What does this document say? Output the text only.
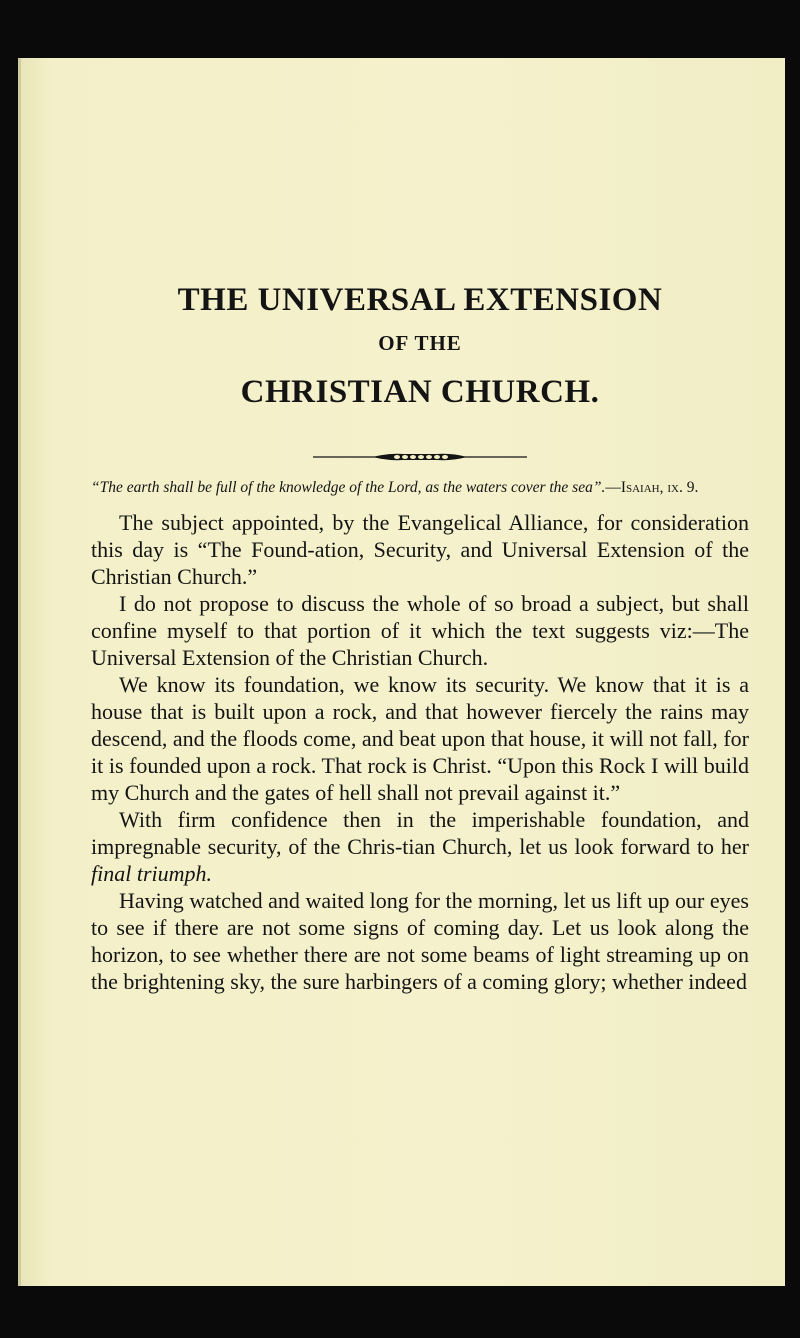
THE UNIVERSAL EXTENSION
OF THE
CHRISTIAN CHURCH.

“The earth shall be full of the knowledge of the Lord, as the waters cover the sea”.—Isaiah, ix. 9.

The subject appointed, by the Evangelical Alliance, for consideration this day is “The Found-ation, Security, and Universal Extension of the Christian Church.”

I do not propose to discuss the whole of so broad a subject, but shall confine myself to that portion of it which the text suggests viz:—The Universal Extension of the Christian Church.

We know its foundation, we know its security. We know that it is a house that is built upon a rock, and that however fiercely the rains may descend, and the floods come, and beat upon that house, it will not fall, for it is founded upon a rock. That rock is Christ. “Upon this Rock I will build my Church and the gates of hell shall not prevail against it.”

With firm confidence then in the imperishable foundation, and impregnable security, of the Chris-tian Church, let us look forward to her final triumph.

Having watched and waited long for the morning, let us lift up our eyes to see if there are not some signs of coming day. Let us look along the horizon, to see whether there are not some beams of light streaming up on the brightening sky, the sure harbingers of a coming glory; whether indeed
